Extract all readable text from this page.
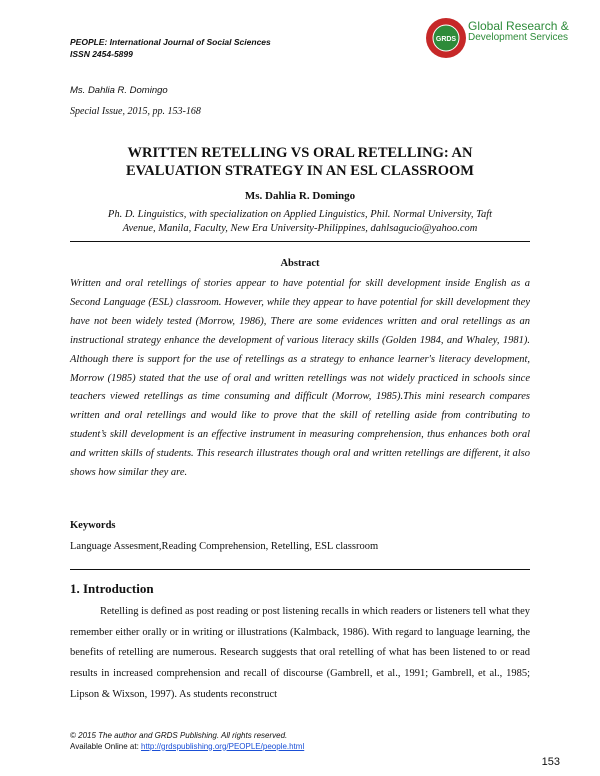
PEOPLE: International Journal of Social Sciences
ISSN 2454-5899
GRDS
Global Research &
Development Services
Ms. Dahlia R. Domingo
Special Issue, 2015, pp. 153-168
WRITTEN RETELLING VS ORAL RETELLING: AN
EVALUATION STRATEGY IN AN ESL CLASSROOM
Ms. Dahlia R. Domingo
Ph. D. Linguistics, with specialization on Applied Linguistics, Phil. Normal University, Taft
Avenue, Manila, Faculty, New Era University-Philippines, dahlsagucio@yahoo.com
Abstract
Written and oral retellings of stories appear to have potential for skill development inside English as a Second Language (ESL) classroom. However, while they appear to have potential for skill development they have not been widely tested (Morrow, 1986), There are some evidences written and oral retellings as an instructional strategy enhance the development of various literacy skills (Golden 1984, and Whaley, 1981). Although there is support for the use of retellings as a strategy to enhance learner's literacy development, Morrow (1985) stated that the use of oral and written retellings was not widely practiced in schools since teachers viewed retellings as time consuming and difficult (Morrow, 1985).This mini research compares written and oral retellings and would like to prove that the skill of retelling aside from contributing to student’s skill development is an effective instrument in measuring comprehension, thus enhances both oral and written skills of students. This research illustrates though oral and written retellings are different, it also shows how similar they are.
Keywords
Language Assesment,Reading Comprehension, Retelling, ESL classroom
1. Introduction

Retelling is defined as post reading or post listening recalls in which readers or listeners tell what they remember either orally or in writing or illustrations (Kalmback, 1986). With regard to language learning, the benefits of retelling are numerous. Research suggests that oral retelling of what has been listened to or read results in increased comprehension and recall of discourse (Gambrell, et al., 1991; Gambrell, et al., 1985; Lipson & Wixson, 1997). As students reconstruct

© 2015 The author and GRDS Publishing. All rights reserved.
Available Online at: http://grdspublishing.org/PEOPLE/people.html
153
